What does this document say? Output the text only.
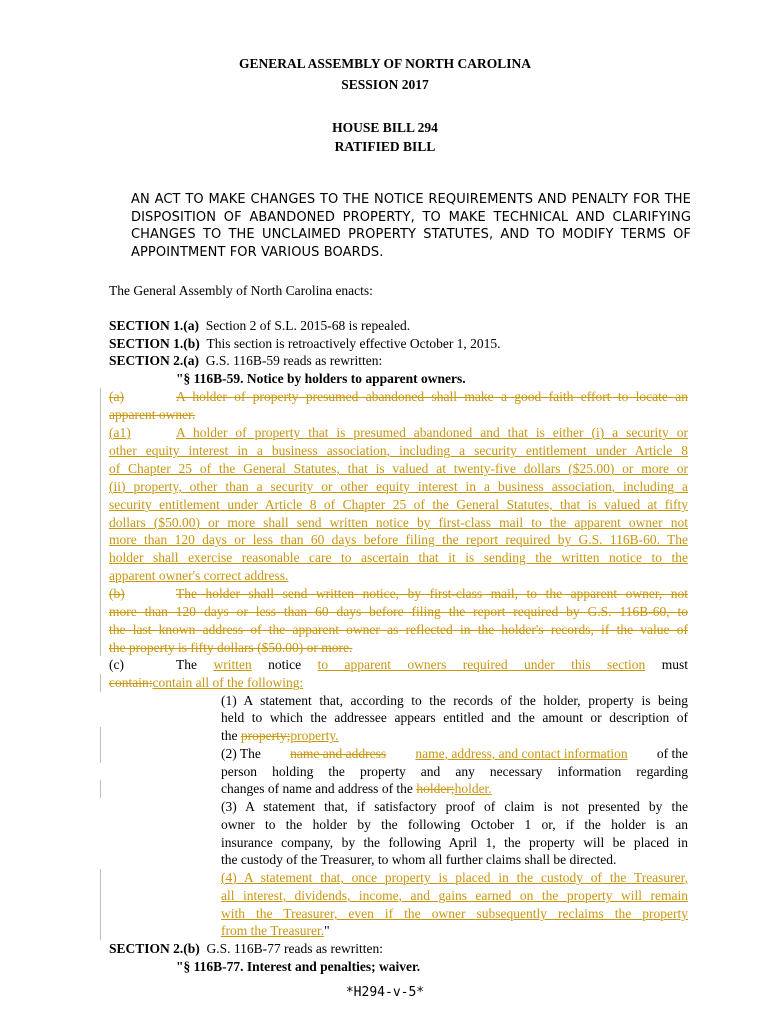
GENERAL ASSEMBLY OF NORTH CAROLINA
SESSION 2017
HOUSE BILL 294
RATIFIED BILL
AN ACT TO MAKE CHANGES TO THE NOTICE REQUIREMENTS AND PENALTY FOR THE DISPOSITION OF ABANDONED PROPERTY, TO MAKE TECHNICAL AND CLARIFYING CHANGES TO THE UNCLAIMED PROPERTY STATUTES, AND TO MODIFY TERMS OF APPOINTMENT FOR VARIOUS BOARDS.
The General Assembly of North Carolina enacts:
SECTION 1.(a) Section 2 of S.L. 2015-68 is repealed.
SECTION 1.(b) This section is retroactively effective October 1, 2015.
SECTION 2.(a) G.S. 116B-59 reads as rewritten:
"§ 116B-59. Notice by holders to apparent owners.
(a)	A holder of property presumed abandoned shall make a good faith effort to locate an
apparent owner.
(a1)	A holder of property that is presumed abandoned and that is either (i) a security or
other equity interest in a business association, including a security entitlement under Article 8
of Chapter 25 of the General Statutes, that is valued at twenty-five dollars ($25.00) or more or
(ii) property, other than a security or other equity interest in a business association, including a
security entitlement under Article 8 of Chapter 25 of the General Statutes, that is valued at fifty
dollars ($50.00) or more shall send written notice by first-class mail to the apparent owner not
more than 120 days or less than 60 days before filing the report required by G.S. 116B-60. The
holder shall exercise reasonable care to ascertain that it is sending the written notice to the
apparent owner's correct address.
(b)	The holder shall send written notice, by first-class mail, to the apparent owner, not
more than 120 days or less than 60 days before filing the report required by G.S. 116B-60, to
the last known address of the apparent owner as reflected in the holder's records, if the value of
the property is fifty dollars ($50.00) or more.
(c)	The written notice to apparent owners required under this section must
contain:contain all of the following:
(1) A statement that, according to the records of the holder, property is being
held to which the addressee appears entitled and the amount or description of
the property;property.
(2) The name and address name, address, and contact information of the
person holding the property and any necessary information regarding
changes of name and address of the holder;holder.
(3) A statement that, if satisfactory proof of claim is not presented by the
owner to the holder by the following October 1 or, if the holder is an
insurance company, by the following April 1, the property will be placed in
the custody of the Treasurer, to whom all further claims shall be directed.
(4) A statement that, once property is placed in the custody of the Treasurer,
all interest, dividends, income, and gains earned on the property will remain
with the Treasurer, even if the owner subsequently reclaims the property
from the Treasurer."
SECTION 2.(b) G.S. 116B-77 reads as rewritten:
"§ 116B-77. Interest and penalties; waiver.
*H294-v-5*
